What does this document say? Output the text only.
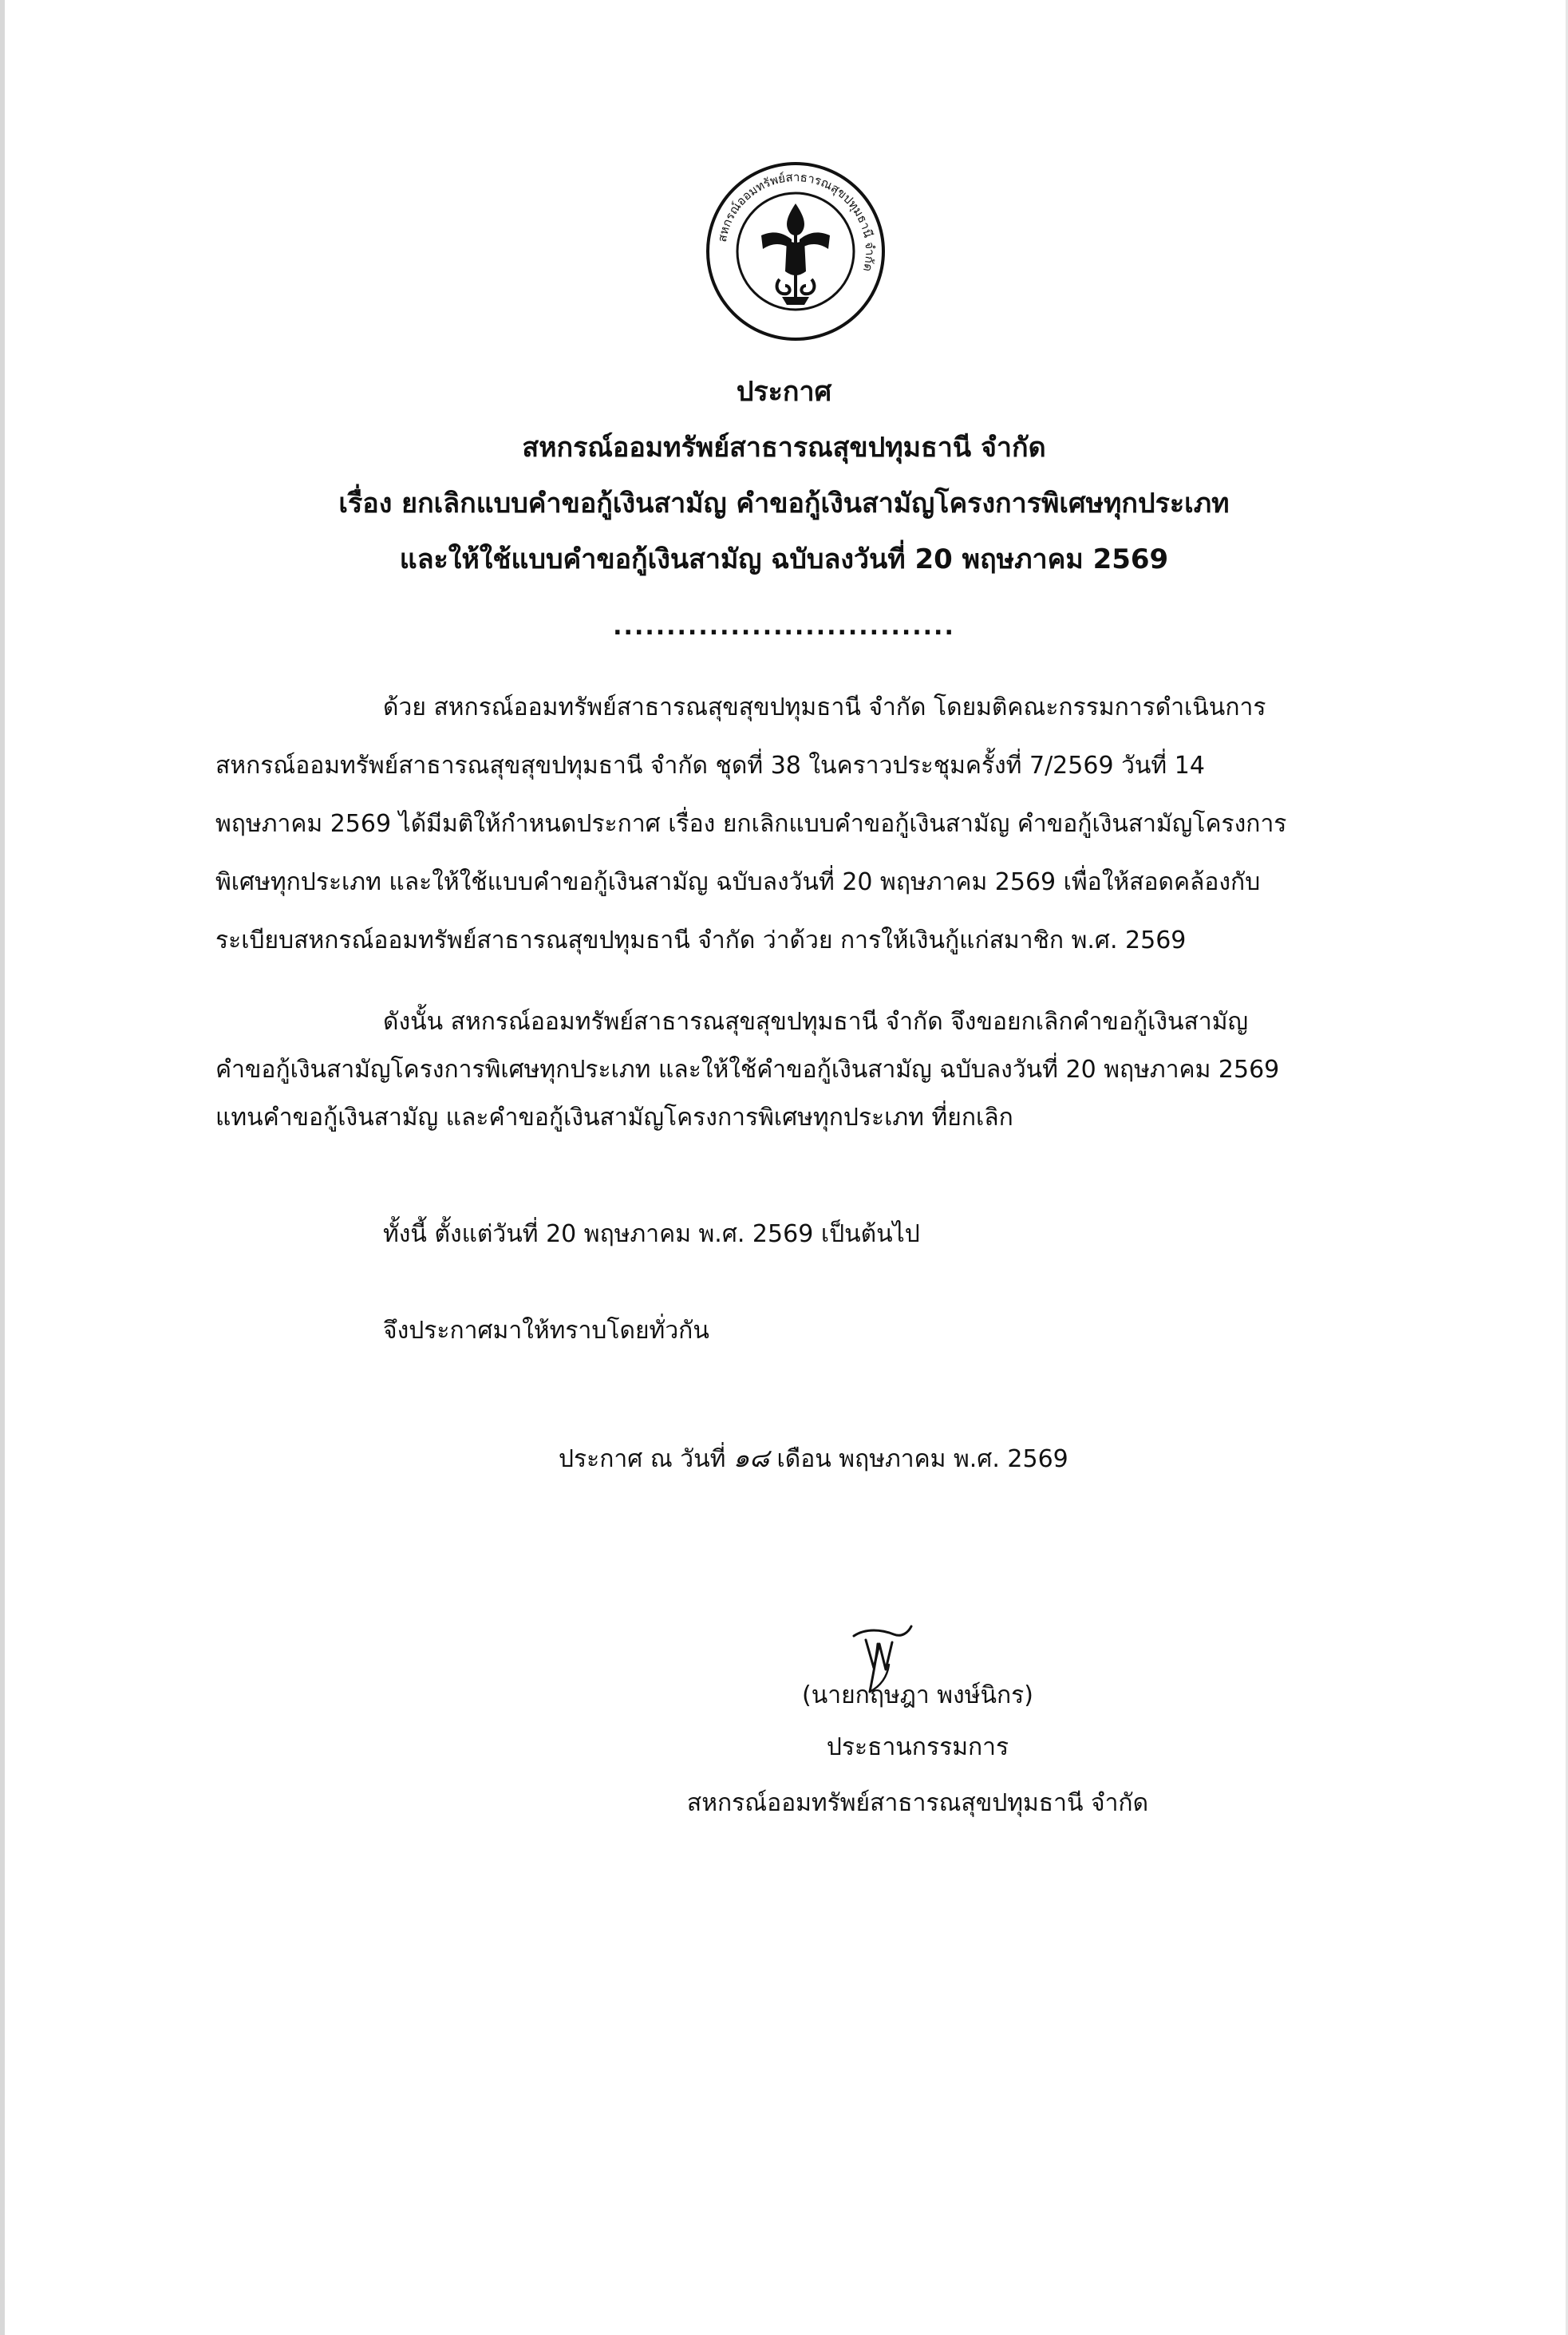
สหกรณ์ออมทรัพย์สาธารณสุขปทุมธานี จำกัด
ประกาศ
สหกรณ์ออมทรัพย์สาธารณสุขปทุมธานี จำกัด
เรื่อง ยกเลิกแบบคำขอกู้เงินสามัญ คำขอกู้เงินสามัญโครงการพิเศษทุกประเภท
และให้ใช้แบบคำขอกู้เงินสามัญ ฉบับลงวันที่ 20 พฤษภาคม 2569
................................
ด้วย สหกรณ์ออมทรัพย์สาธารณสุขสุขปทุมธานี จำกัด โดยมติคณะกรรมการดำเนินการ
สหกรณ์ออมทรัพย์สาธารณสุขสุขปทุมธานี จำกัด ชุดที่ 38 ในคราวประชุมครั้งที่ 7/2569 วันที่ 14
พฤษภาคม 2569 ได้มีมติให้กำหนดประกาศ เรื่อง ยกเลิกแบบคำขอกู้เงินสามัญ คำขอกู้เงินสามัญโครงการ
พิเศษทุกประเภท และให้ใช้แบบคำขอกู้เงินสามัญ ฉบับลงวันที่ 20 พฤษภาคม 2569 เพื่อให้สอดคล้องกับ
ระเบียบสหกรณ์ออมทรัพย์สาธารณสุขปทุมธานี จำกัด ว่าด้วย การให้เงินกู้แก่สมาชิก พ.ศ. 2569
ดังนั้น สหกรณ์ออมทรัพย์สาธารณสุขสุขปทุมธานี จำกัด จึงขอยกเลิกคำขอกู้เงินสามัญ
คำขอกู้เงินสามัญโครงการพิเศษทุกประเภท และให้ใช้คำขอกู้เงินสามัญ ฉบับลงวันที่ 20 พฤษภาคม 2569
แทนคำขอกู้เงินสามัญ และคำขอกู้เงินสามัญโครงการพิเศษทุกประเภท ที่ยกเลิก
ทั้งนี้ ตั้งแต่วันที่ 20 พฤษภาคม พ.ศ. 2569 เป็นต้นไป
จึงประกาศมาให้ทราบโดยทั่วกัน
ประกาศ ณ วันที่ ๑๘ เดือน พฤษภาคม พ.ศ. 2569
(นายกฤษฎา พงษ์นิกร)
ประธานกรรมการ
สหกรณ์ออมทรัพย์สาธารณสุขปทุมธานี จำกัด
